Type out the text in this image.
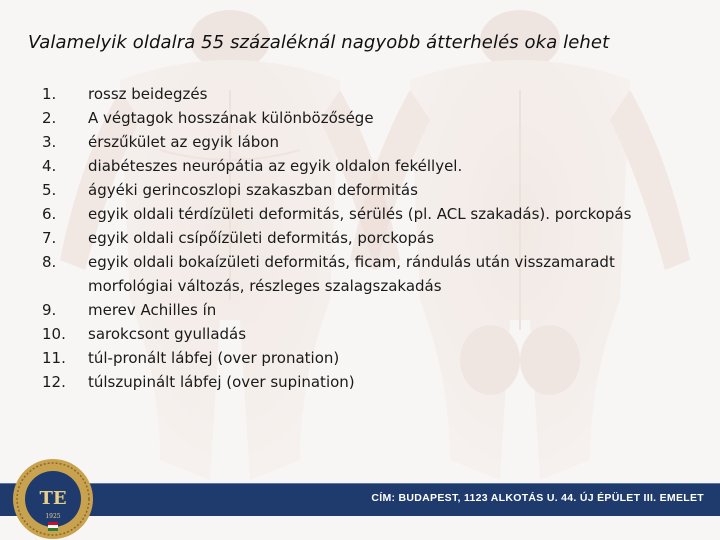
Valamelyik oldalra 55 százaléknál nagyobb átterhelés oka lehet
1.	rossz beidegzés
2.	A végtagok hosszának különbözősége
3.	érszűkület az egyik lábon
4.	diabéteszes neurópátia az egyik oldalon fekéllyel.
5.	ágyéki gerincoszlopi szakaszban deformitás
6.	egyik oldali térdízületi deformitás, sérülés (pl. ACL szakadás). porckopás
7.	egyik oldali csípőízületi deformitás, porckopás
8.	egyik oldali bokaízületi deformitás, ficam, rándulás után visszamaradt morfológiai változás, részleges szalagszakadás
9.	merev Achilles ín
10.	sarokcsont gyulladás
11.	túl-pronált lábfej (over pronation)
12.	túlszupinált lábfej (over supination)
CÍM: BUDAPEST, 1123 ALKOTÁS U. 44. ÚJ ÉPÜLET III. EMELET
TE
1925
